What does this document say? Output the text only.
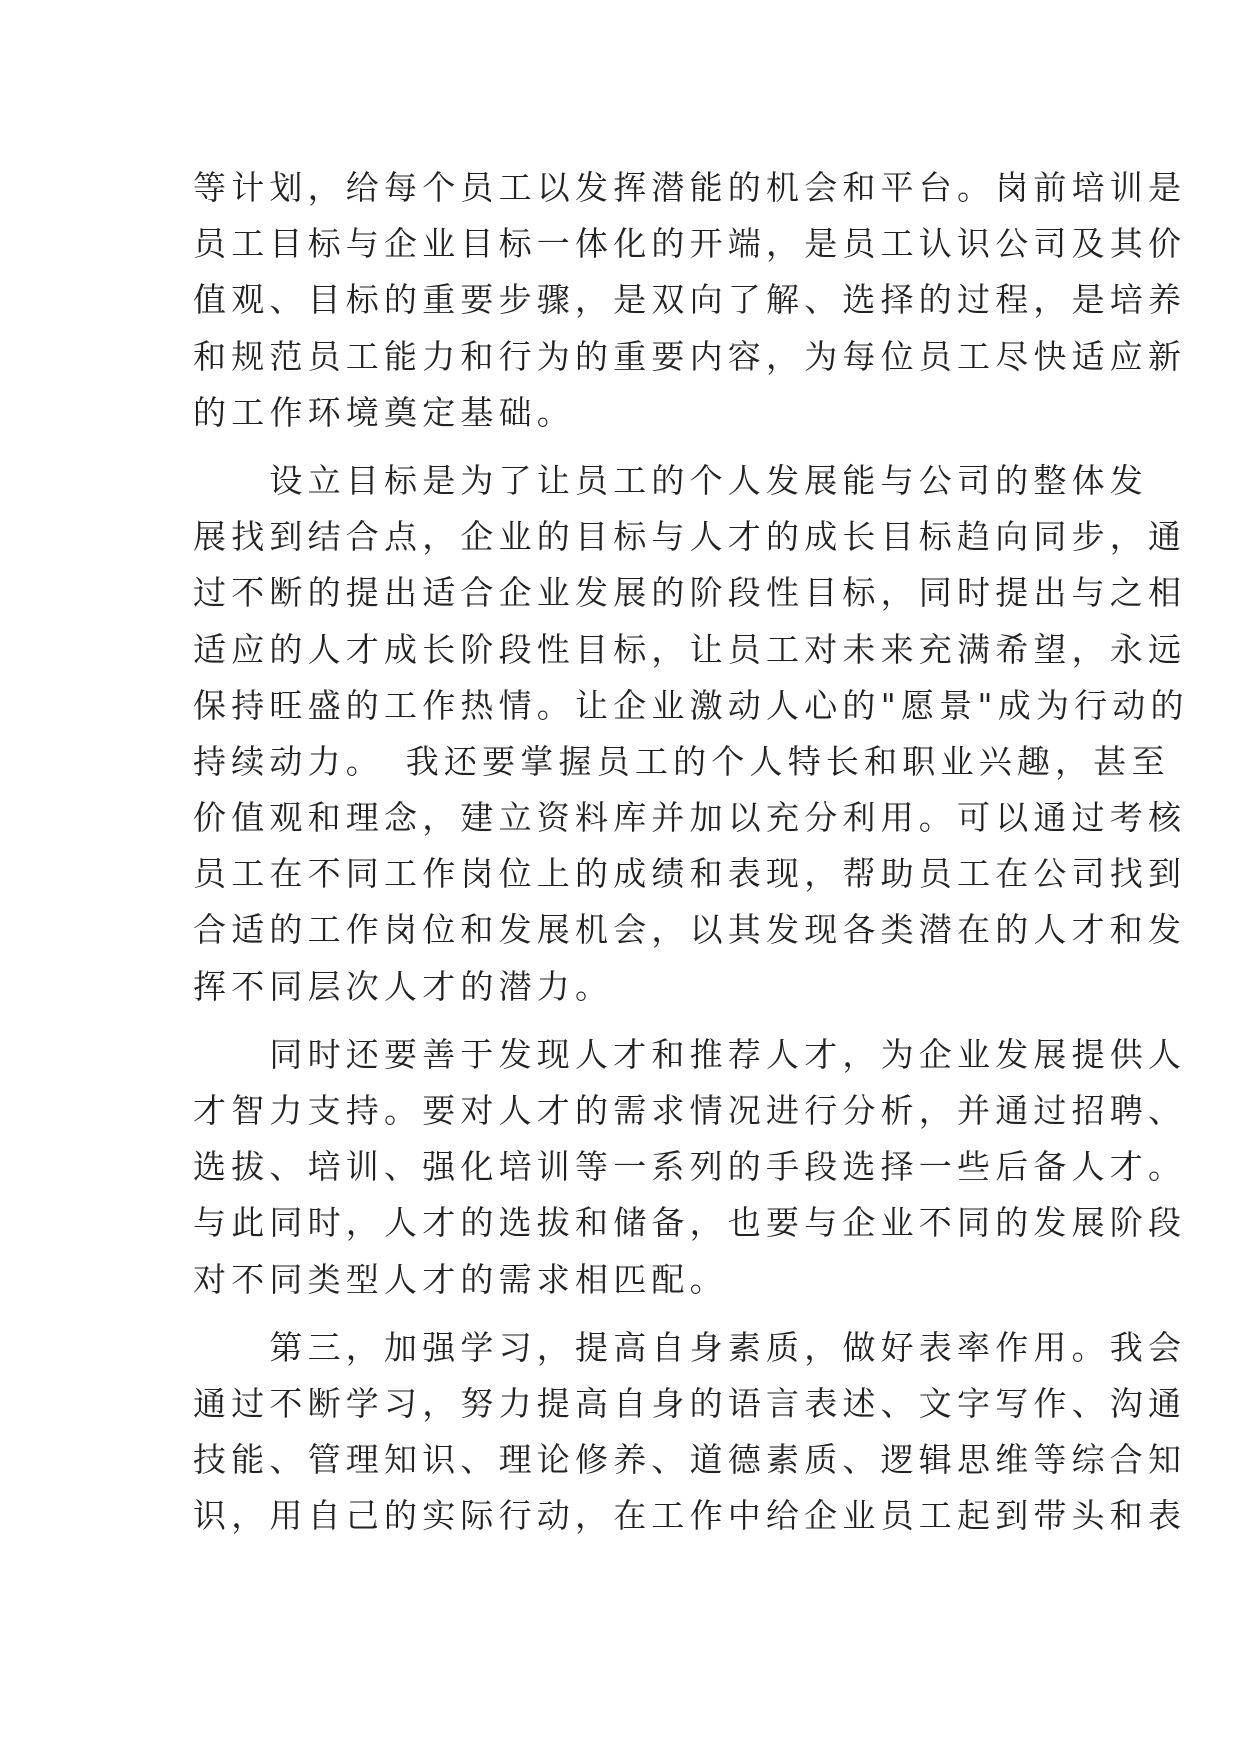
等计划，给每个员工以发挥潜能的机会和平台。岗前培训是
员工目标与企业目标一体化的开端，是员工认识公司及其价
值观、目标的重要步骤，是双向了解、选择的过程，是培养
和规范员工能力和行为的重要内容，为每位员工尽快适应新
的工作环境奠定基础。
　　设立目标是为了让员工的个人发展能与公司的整体发
展找到结合点，企业的目标与人才的成长目标趋向同步，通
过不断的提出适合企业发展的阶段性目标，同时提出与之相
适应的人才成长阶段性目标，让员工对未来充满希望，永远
保持旺盛的工作热情。让企业激动人心的"愿景"成为行动的
持续动力。　我还要掌握员工的个人特长和职业兴趣，甚至
价值观和理念，建立资料库并加以充分利用。可以通过考核
员工在不同工作岗位上的成绩和表现，帮助员工在公司找到
合适的工作岗位和发展机会，以其发现各类潜在的人才和发
挥不同层次人才的潜力。
　　同时还要善于发现人才和推荐人才，为企业发展提供人
才智力支持。要对人才的需求情况进行分析，并通过招聘、
选拔、培训、强化培训等一系列的手段选择一些后备人才。
与此同时，人才的选拔和储备，也要与企业不同的发展阶段
对不同类型人才的需求相匹配。
　　第三，加强学习，提高自身素质，做好表率作用。我会
通过不断学习，努力提高自身的语言表述、文字写作、沟通
技能、管理知识、理论修养、道德素质、逻辑思维等综合知
识，用自己的实际行动，在工作中给企业员工起到带头和表
